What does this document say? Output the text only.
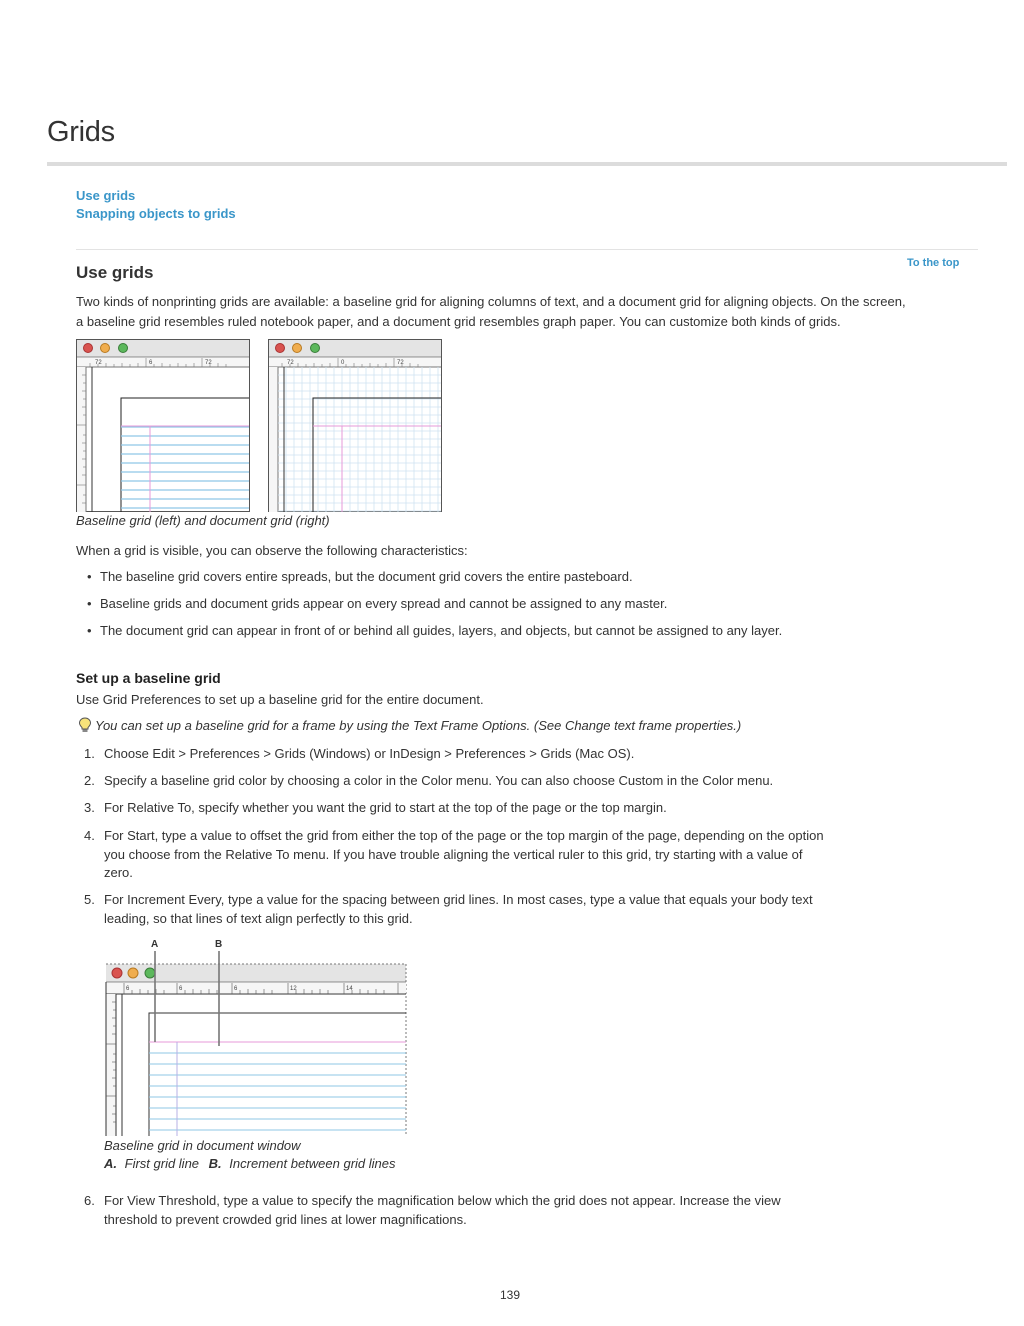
Grids
Use grids
Snapping objects to grids
To the top
Use grids
Two kinds of nonprinting grids are available: a baseline grid for aligning columns of text, and a document grid for aligning objects. On the screen,
a baseline grid resembles ruled notebook paper, and a document grid resembles graph paper. You can customize both kinds of grids.
72	6	72	72	0	72
Baseline grid (left) and document grid (right)
When a grid is visible, you can observe the following characteristics:
• The baseline grid covers entire spreads, but the document grid covers the entire pasteboard.
• Baseline grids and document grids appear on every spread and cannot be assigned to any master.
• The document grid can appear in front of or behind all guides, layers, and objects, but cannot be assigned to any layer.
Set up a baseline grid
Use Grid Preferences to set up a baseline grid for the entire document.
You can set up a baseline grid for a frame by using the Text Frame Options. (See Change text frame properties.)
1. Choose Edit > Preferences > Grids (Windows) or InDesign > Preferences > Grids (Mac OS).
2. Specify a baseline grid color by choosing a color in the Color menu. You can also choose Custom in the Color menu.
3. For Relative To, specify whether you want the grid to start at the top of the page or the top margin.
4. For Start, type a value to offset the grid from either the top of the page or the top margin of the page, depending on the option
you choose from the Relative To menu. If you have trouble aligning the vertical ruler to this grid, try starting with a value of
zero.
5. For Increment Every, type a value for the spacing between grid lines. In most cases, type a value that equals your body text
leading, so that lines of text align perfectly to this grid.
A	B
6	6	6	12	14
Baseline grid in document window
A. First grid line B. Increment between grid lines
6. For View Threshold, type a value to specify the magnification below which the grid does not appear. Increase the view
threshold to prevent crowded grid lines at lower magnifications.
139
